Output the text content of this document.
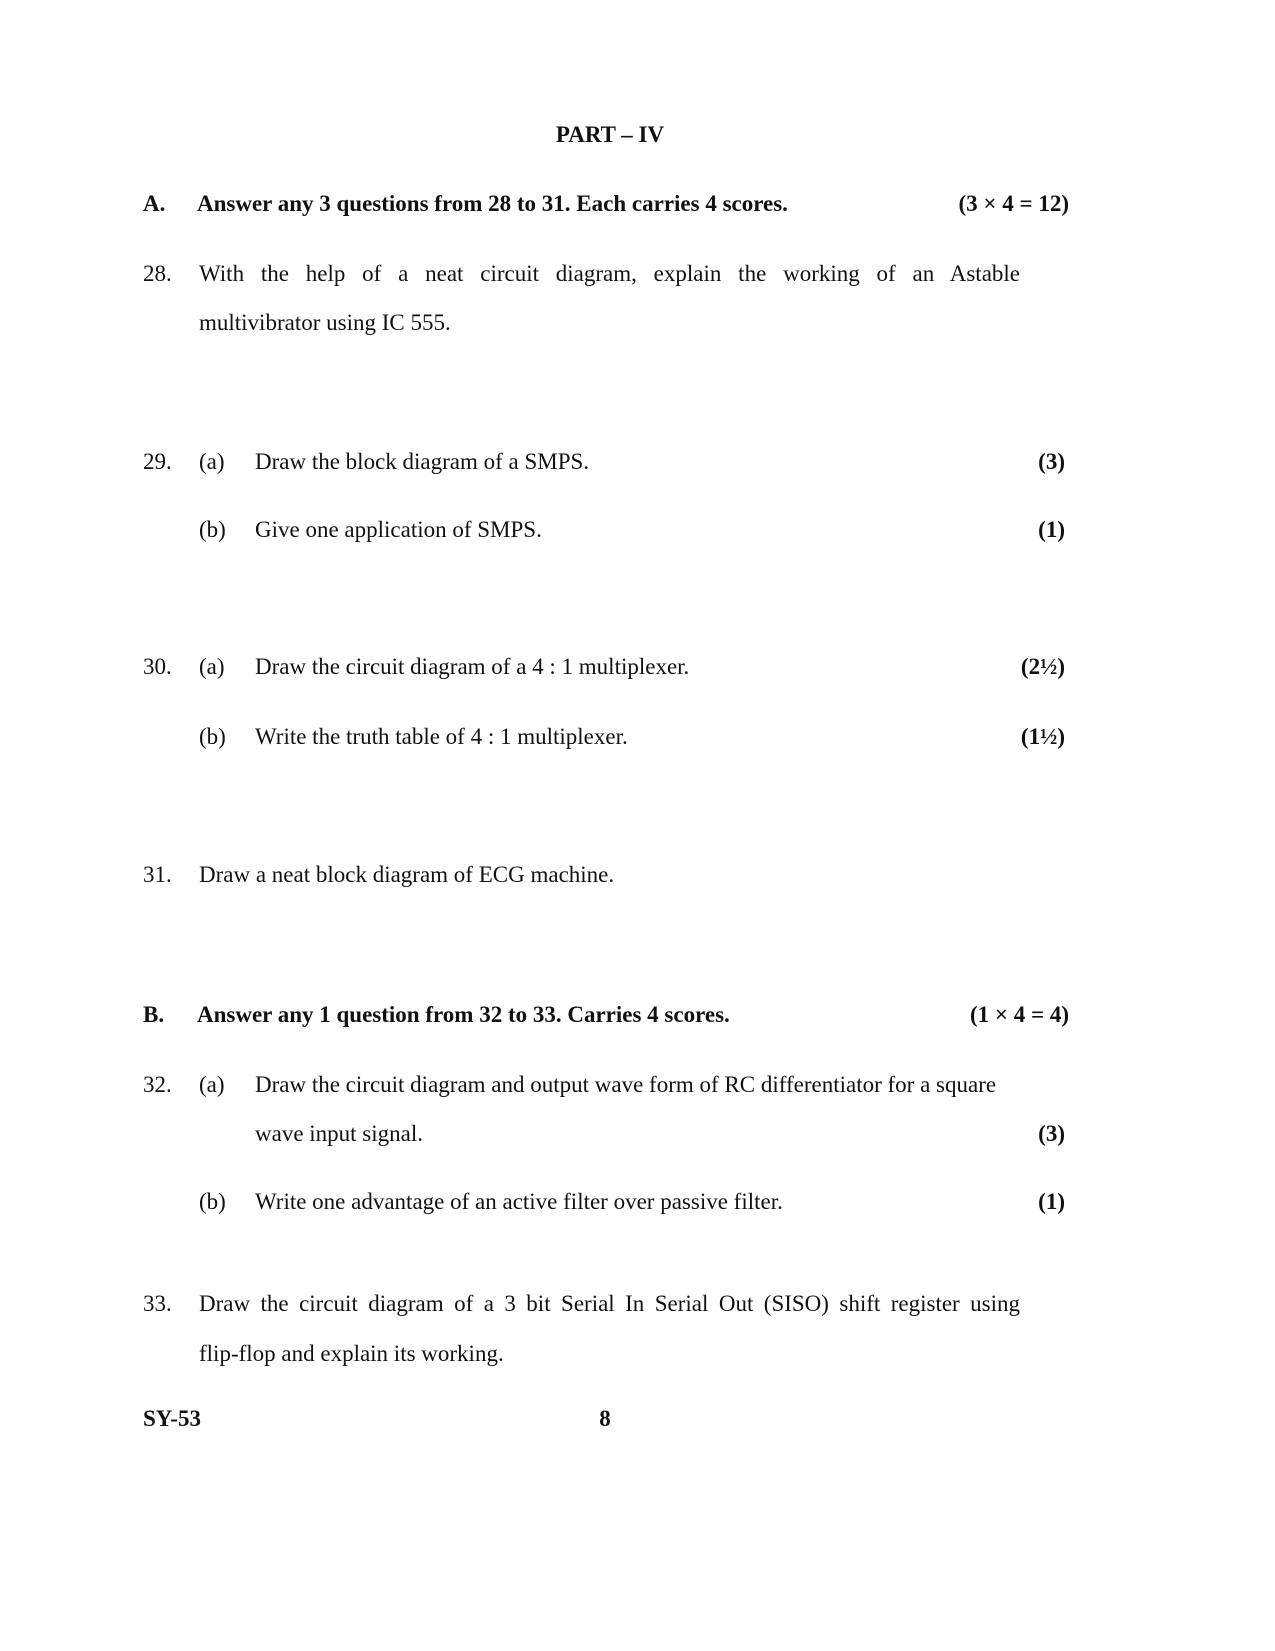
PART – IV
A. Answer any 3 questions from 28 to 31. Each carries 4 scores.	(3 × 4 = 12)
28. With the help of a neat circuit diagram, explain the working of an Astable
multivibrator using IC 555.
29. (a) Draw the block diagram of a SMPS.	(3)
(b) Give one application of SMPS.	(1)
30. (a) Draw the circuit diagram of a 4 : 1 multiplexer.	(2½)
(b) Write the truth table of 4 : 1 multiplexer.	(1½)
31. Draw a neat block diagram of ECG machine.
B. Answer any 1 question from 32 to 33. Carries 4 scores.	(1 × 4 = 4)
32. (a) Draw the circuit diagram and output wave form of RC differentiator for a square
wave input signal.	(3)
(b) Write one advantage of an active filter over passive filter.	(1)
33. Draw the circuit diagram of a 3 bit Serial In Serial Out (SISO) shift register using
flip-flop and explain its working.
SY-53	8
